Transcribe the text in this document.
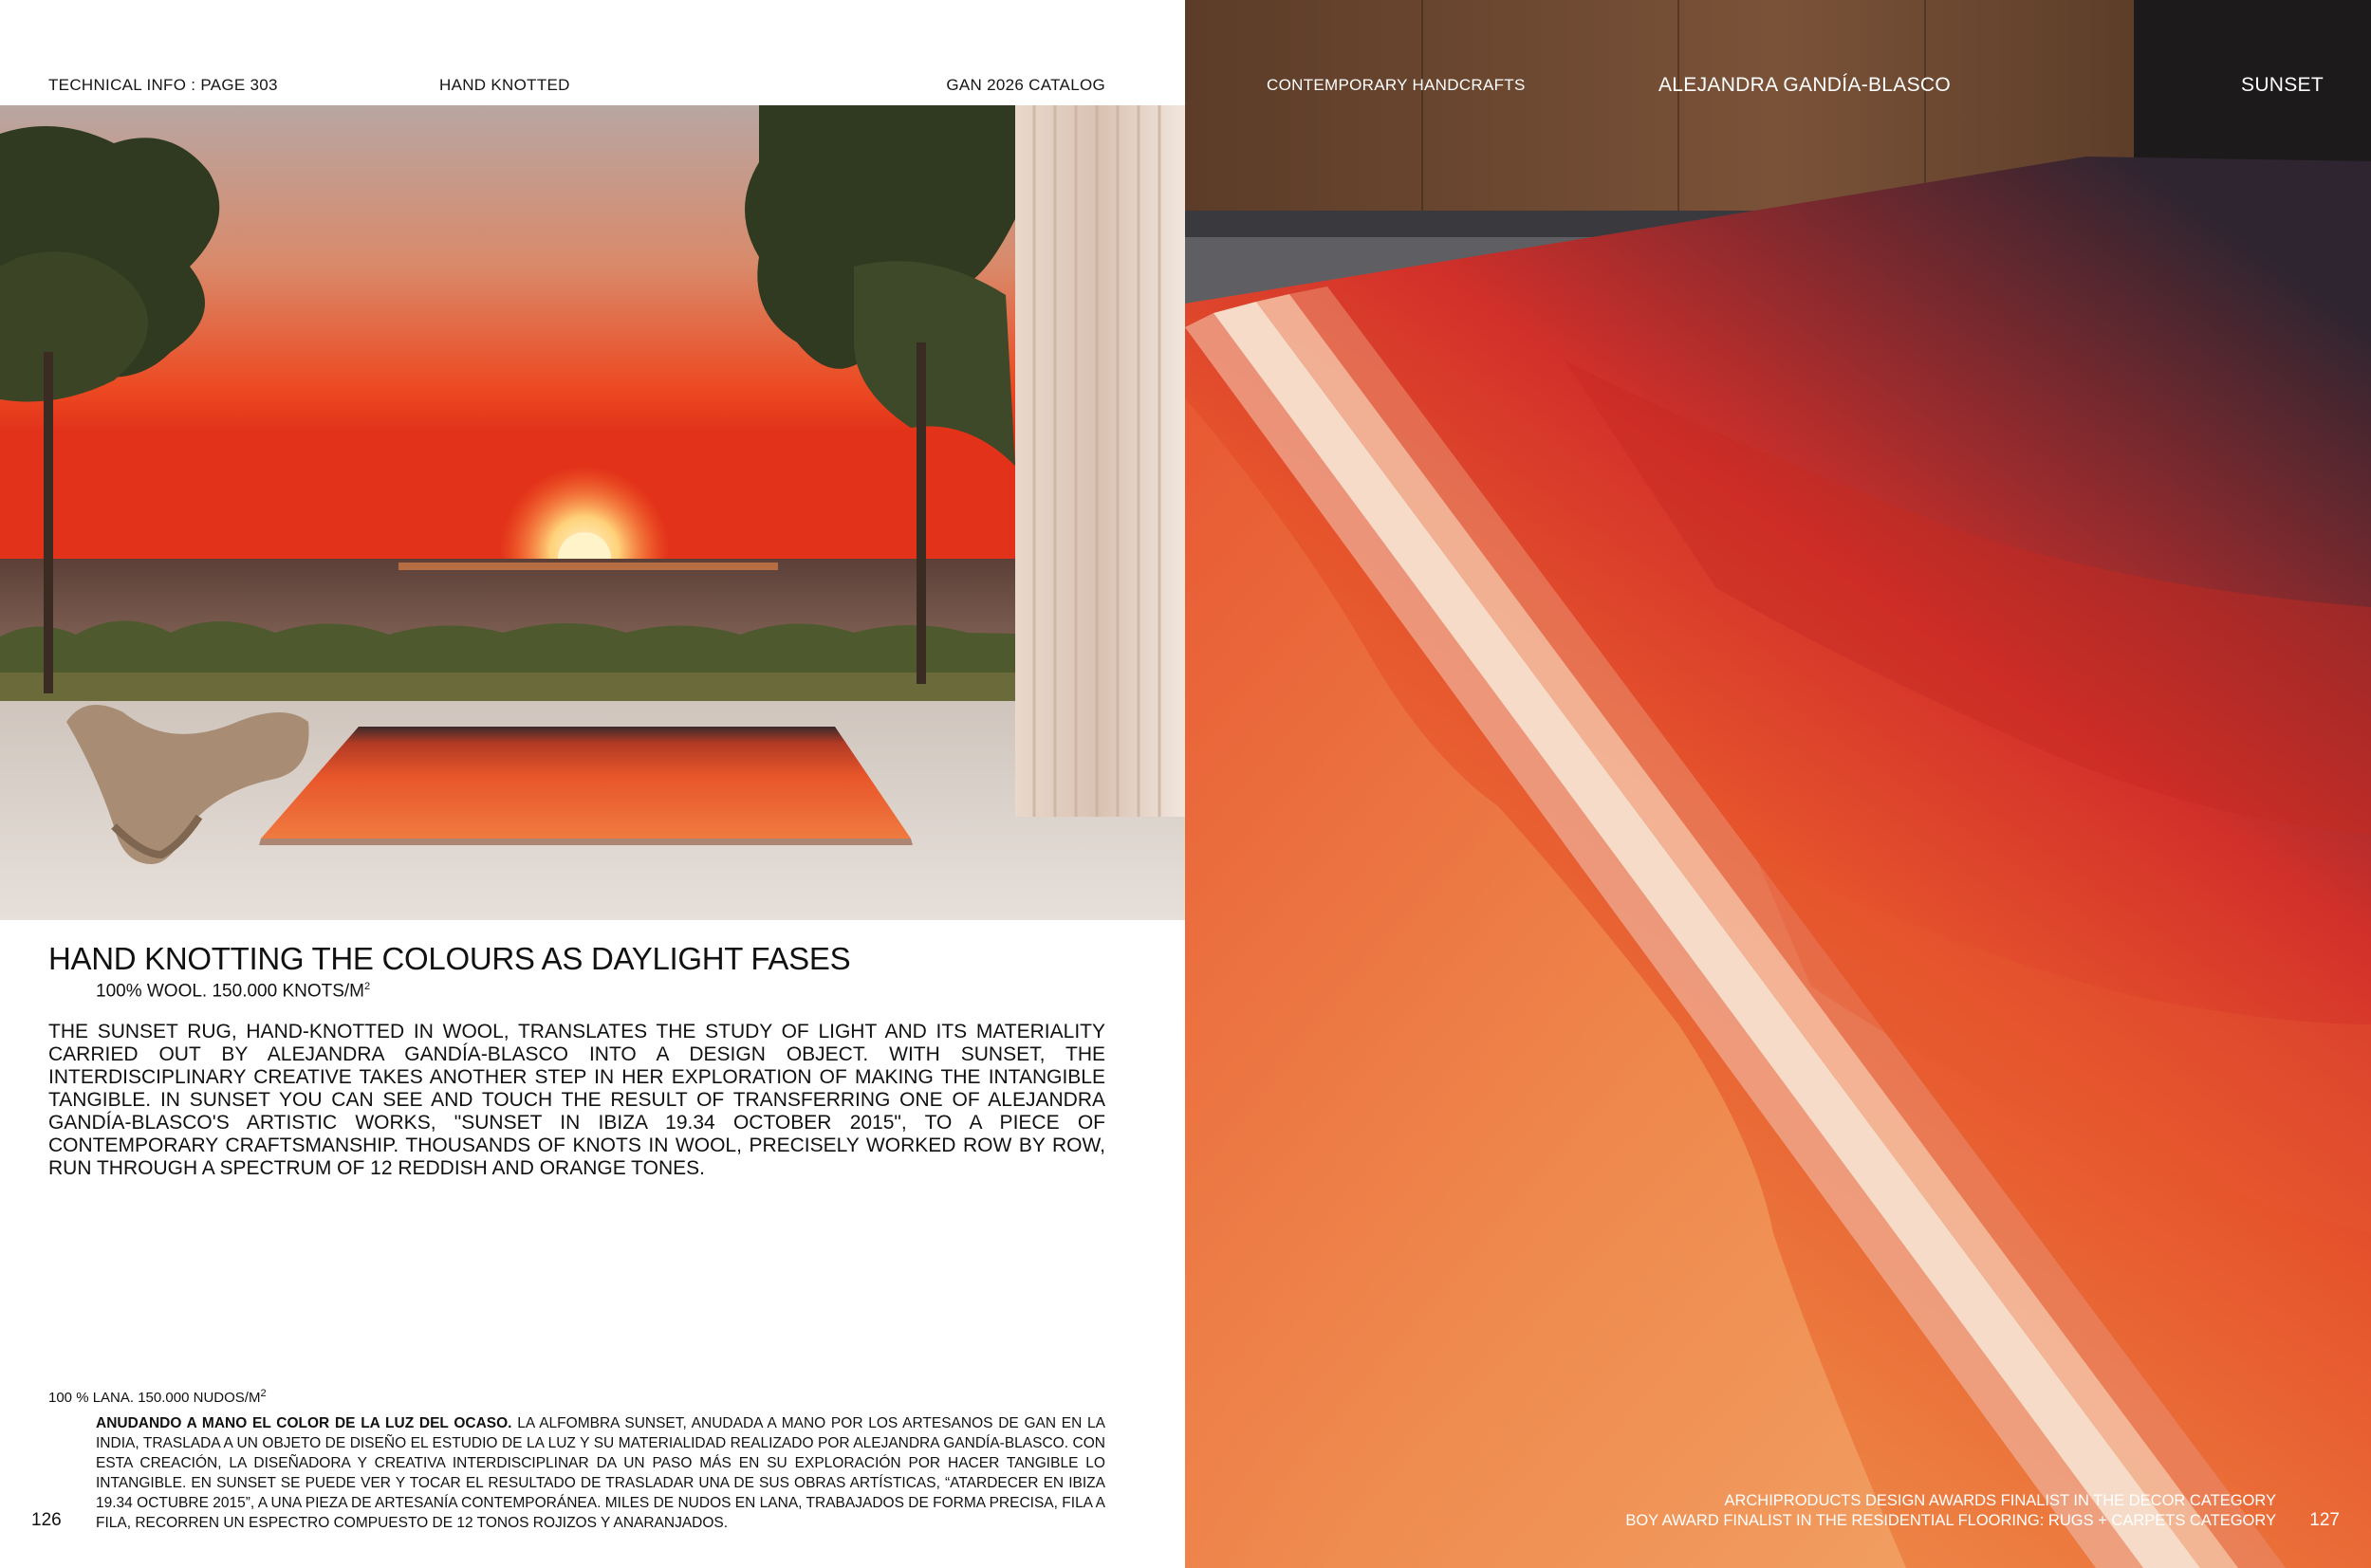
TECHNICAL INFO : PAGE 303	HAND KNOTTED	GAN 2026 CATALOG
HAND KNOTTING THE COLOURS AS DAYLIGHT FASES
100% WOOL. 150.000 KNOTS/$M^2$

THE SUNSET RUG, HAND-KNOTTED IN WOOL, TRANSLATES THE STUDY OF LIGHT AND ITS MATERIALITY CARRIED OUT BY ALEJANDRA GANDÍA-BLASCO INTO A DESIGN OBJECT. WITH SUNSET, THE INTERDISCIPLINARY CREATIVE TAKES ANOTHER STEP IN HER EXPLORATION OF MAKING THE INTANGIBLE TANGIBLE. IN SUNSET YOU CAN SEE AND TOUCH THE RESULT OF TRANSFERRING ONE OF ALEJANDRA GANDÍA-BLASCO'S ARTISTIC WORKS, "SUNSET IN IBIZA 19.34 OCTOBER 2015", TO A PIECE OF CONTEMPORARY CRAFTSMANSHIP. THOUSANDS OF KNOTS IN WOOL, PRECISELY WORKED ROW BY ROW, RUN THROUGH A SPECTRUM OF 12 REDDISH AND ORANGE TONES.

100 % LANA. 150.000 NUDOS/$M^2$
ANUDANDO A MANO EL COLOR DE LA LUZ DEL OCASO. LA ALFOMBRA SUNSET, ANUDADA A MANO POR LOS ARTESANOS DE GAN EN LA INDIA, TRASLADA A UN OBJETO DE DISEÑO EL ESTUDIO DE LA LUZ Y SU MATERIALIDAD REALIZADO POR ALEJANDRA GANDÍA-BLASCO. CON ESTA CREACIÓN, LA DISEÑADORA Y CREATIVA INTERDISCIPLINAR DA UN PASO MÁS EN SU EXPLORACIÓN POR HACER TANGIBLE LO INTANGIBLE. EN SUNSET SE PUEDE VER Y TOCAR EL RESULTADO DE TRASLADAR UNA DE SUS OBRAS ARTÍSTICAS, “ATARDECER EN IBIZA 19.34 OCTUBRE 2015”, A UNA PIEZA DE ARTESANÍA CONTEMPORÁNEA. MILES DE NUDOS EN LANA, TRABAJADOS DE FORMA PRECISA, FILA A FILA, RECORREN UN ESPECTRO COMPUESTO DE 12 TONOS ROJIZOS Y ANARANJADOS.
126
CONTEMPORARY HANDCRAFTS	ALEJANDRA GANDÍA-BLASCO	SUNSET
ARCHIPRODUCTS DESIGN AWARDS FINALIST IN THE DECOR CATEGORY
BOY AWARD FINALIST IN THE RESIDENTIAL FLOORING: RUGS + CARPETS CATEGORY 127
